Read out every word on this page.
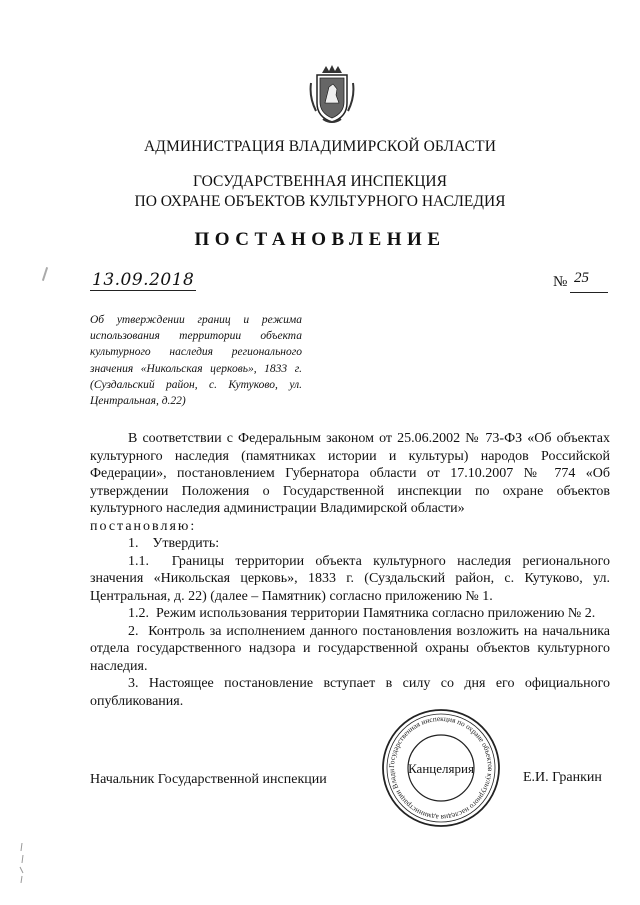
АДМИНИСТРАЦИЯ ВЛАДИМИРСКОЙ ОБЛАСТИ
ГОСУДАРСТВЕННАЯ ИНСПЕКЦИЯ
ПО ОХРАНЕ ОБЪЕКТОВ КУЛЬТУРНОГО НАСЛЕДИЯ
ПОСТАНОВЛЕНИЕ
13.09.2018	№ 25
Об утверждении границ и режима использования территории объекта культурного наследия регионального значения «Никольская церковь», 1833 г. (Суздальский район, с. Кутуково, ул. Центральная, д.22)

В соответствии с Федеральным законом от 25.06.2002 № 73-ФЗ «Об объектах культурного наследия (памятниках истории и культуры) народов Российской Федерации», постановлением Губернатора области от 17.10.2007 № 774 «Об утверждении Положения о Государственной инспекции по охране объектов культурного наследия администрации Владимирской области»

постановляю:

1.    Утвердить:

1.1.  Границы территории объекта культурного наследия регионального значения «Никольская церковь», 1833 г. (Суздальский район, с. Кутуково, ул. Центральная, д. 22) (далее – Памятник) согласно приложению № 1.

1.2.  Режим использования территории Памятника согласно приложению № 2.

2.  Контроль за исполнением данного постановления возложить на начальника отдела государственного надзора и государственной охраны объектов культурного наследия.

3. Настоящее постановление вступает в силу со дня его официального опубликования.

Начальник Государственной инспекции	Е.И. Гранкин
Государственная инспекция по охране объектов культурного наследия администрации Влади Канцелярия
